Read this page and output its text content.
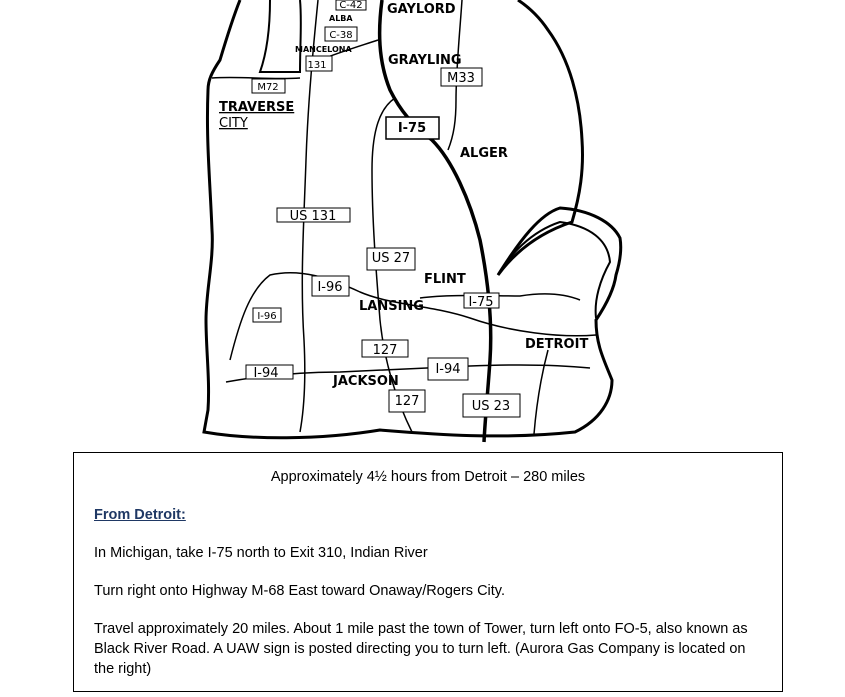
C-42
C-38
131
M72
M33
I-75
US 131
US 27
I-96
I-96
I-75
127
I-94	I-94
127	US 23
GAYLORD
ALBA
MANCELONA
GRAYLING
TRAVERSE
CITY
ALGER
FLINT
LANSING
DETROIT
JACKSON

Approximately 4½ hours from Detroit – 280 miles

From Detroit:

In Michigan, take I-75 north to Exit 310, Indian River

Turn right onto Highway M-68 East toward Onaway/Rogers City.

Travel approximately 20 miles. About 1 mile past the town of Tower, turn left onto FO-5, also known as Black River Road. A UAW sign is posted directing you to turn left. (Aurora Gas Company is located on the right)
